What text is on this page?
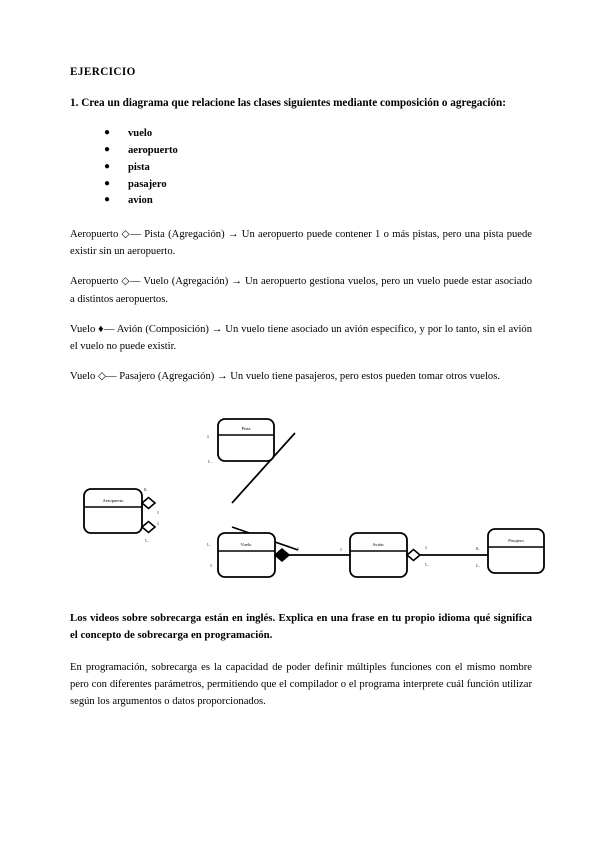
EJERCICIO
1. Crea un diagrama que relacione las clases siguientes mediante composición o agregación:
● vuelo
● aeropuerto
● pista
● pasajero
● avion

Aeropuerto ◇— Pista (Agregación) → Un aeropuerto puede contener 1 o más pistas, pero una pista puede existir sin un aeropuerto.

Aeropuerto ◇— Vuelo (Agregación) → Un aeropuerto gestiona vuelos, pero un vuelo puede estar asociado a distintos aeropuertos.

Vuelo ♦— Avión (Composición) → Un vuelo tiene asociado un avión específico, y por lo tanto, sin el avión el vuelo no puede existir.

Vuelo ◇— Pasajero (Agregación) → Un vuelo tiene pasajeros, pero estos pueden tomar otros vuelos.

Pista
Aeropuerto
Vuelo	Avión
Pasajero
0..
1
1
1..
1
1..
1..
1
1	1	1
1..
0..
1..
Los videos sobre sobrecarga están en inglés. Explica en una frase en tu propio idioma qué significa el concepto de sobrecarga en programación.

En programación, sobrecarga es la capacidad de poder definir múltiples funciones con el mismo nombre pero con diferentes parámetros, permitiendo que el compilador o el programa interprete cuál función utilizar según los argumentos o datos proporcionados.
